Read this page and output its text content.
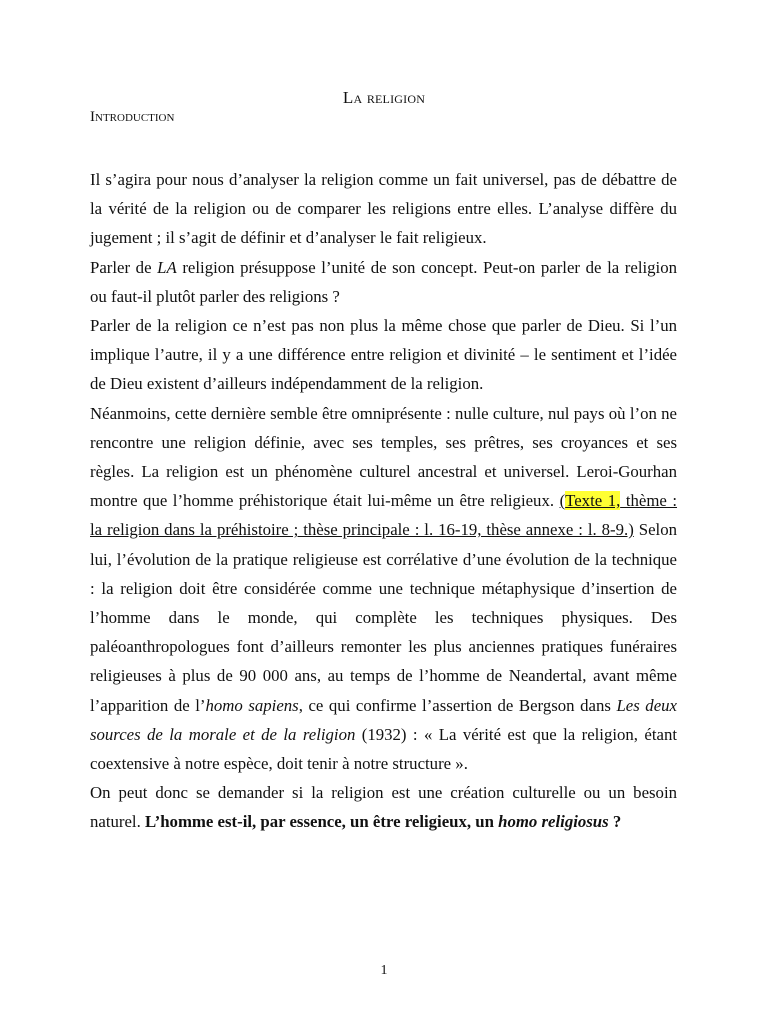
La religion
Introduction

Il s’agira pour nous d’analyser la religion comme un fait universel, pas de débattre de la vérité de la religion ou de comparer les religions entre elles. L’analyse diffère du jugement ; il s’agit de définir et d’analyser le fait religieux.

Parler de LA religion présuppose l’unité de son concept. Peut-on parler de la religion ou faut-il plutôt parler des religions ?

Parler de la religion ce n’est pas non plus la même chose que parler de Dieu. Si l’un implique l’autre, il y a une différence entre religion et divinité – le sentiment et l’idée de Dieu existent d’ailleurs indépendamment de la religion.

Néanmoins, cette dernière semble être omniprésente : nulle culture, nul pays où l’on ne rencontre une religion définie, avec ses temples, ses prêtres, ses croyances et ses règles. La religion est un phénomène culturel ancestral et universel. Leroi-Gourhan montre que l’homme préhistorique était lui-même un être religieux. (Texte 1, thème : la religion dans la préhistoire ; thèse principale : l. 16-19, thèse annexe : l. 8-9.) Selon lui, l’évolution de la pratique religieuse est corrélative d’une évolution de la technique : la religion doit être considérée comme une technique métaphysique d’insertion de l’homme dans le monde, qui complète les techniques physiques. Des paléoanthropologues font d’ailleurs remonter les plus anciennes pratiques funéraires religieuses à plus de 90 000 ans, au temps de l’homme de Neandertal, avant même l’apparition de l’homo sapiens, ce qui confirme l’assertion de Bergson dans Les deux sources de la morale et de la religion (1932) : « La vérité est que la religion, étant coextensive à notre espèce, doit tenir à notre structure ».

On peut donc se demander si la religion est une création culturelle ou un besoin naturel. L’homme est-il, par essence, un être religieux, un homo religiosus ?

1
